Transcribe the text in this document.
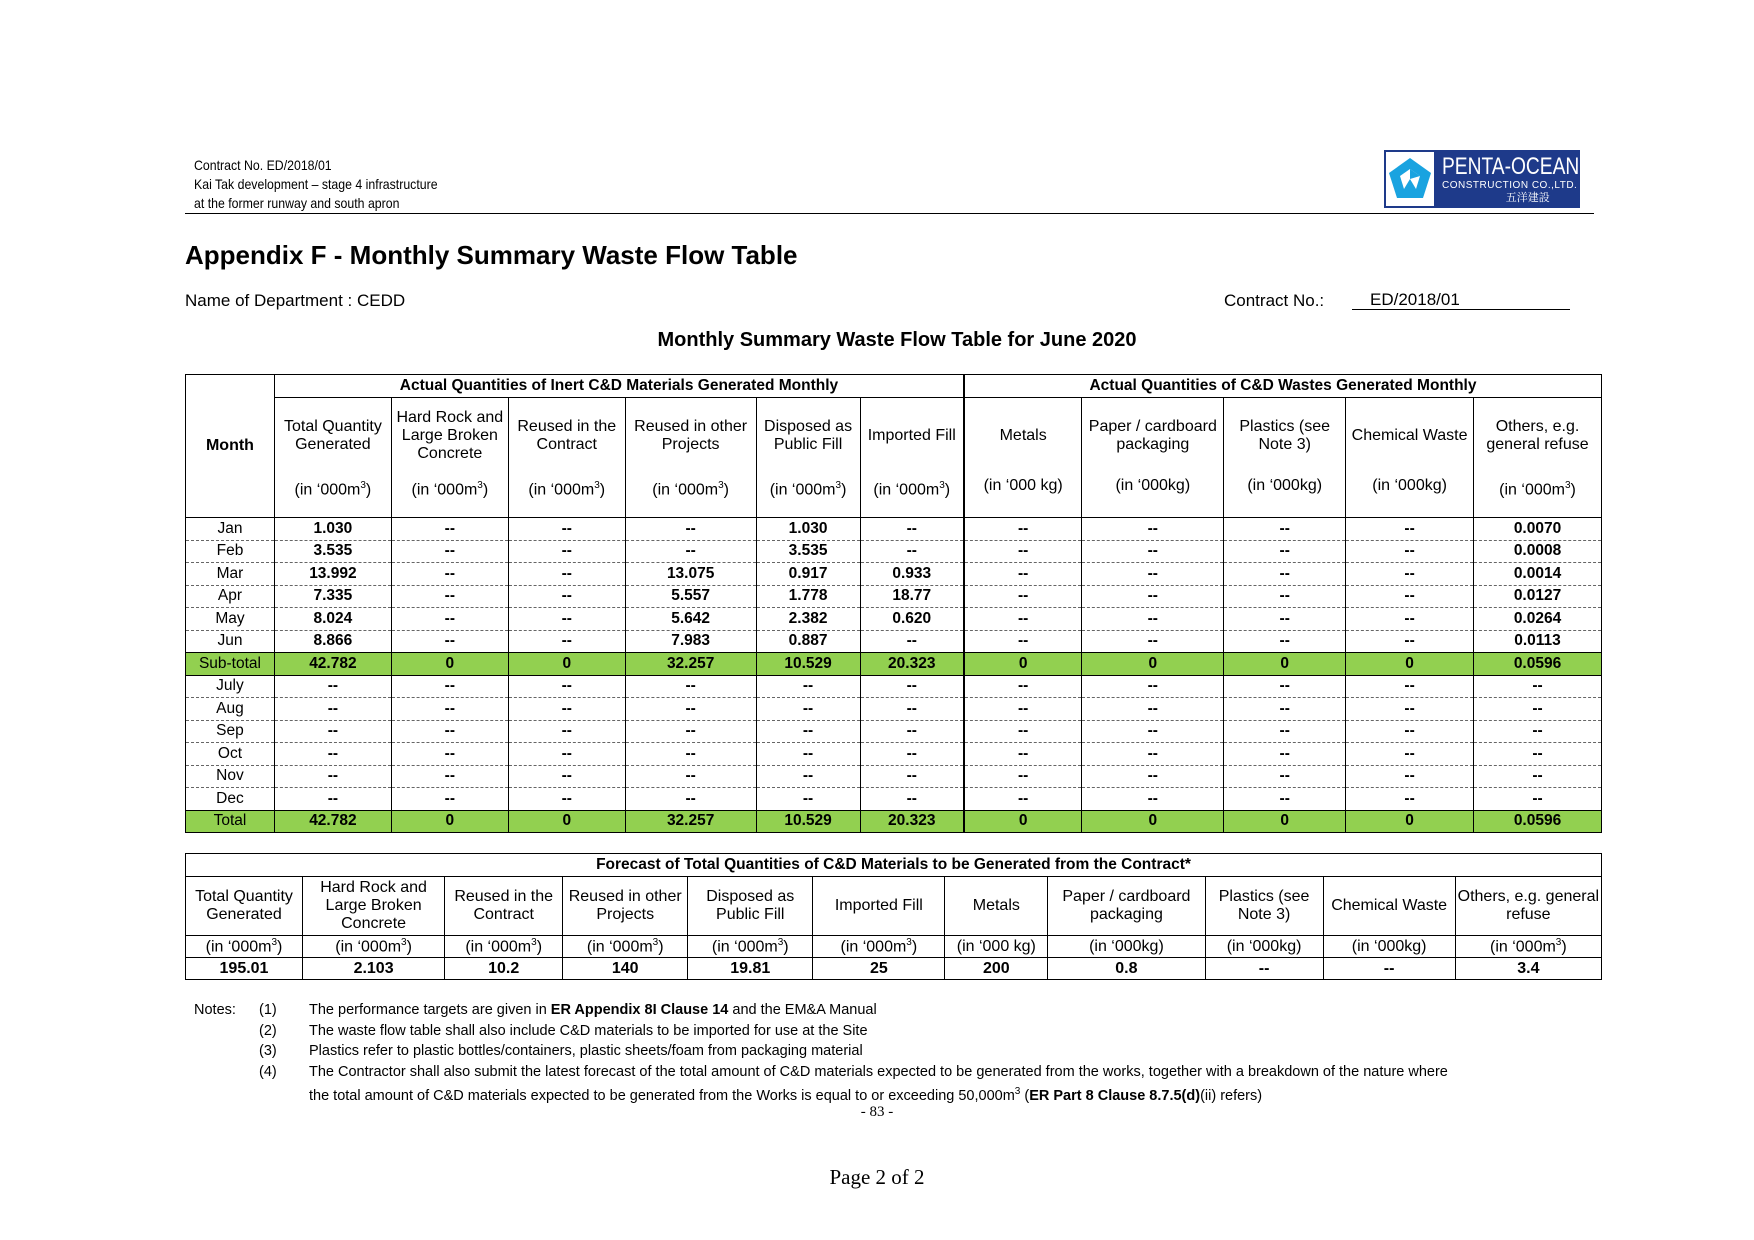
Contract No. ED/2018/01
Kai Tak development – stage 4 infrastructure
at the former runway and south apron
PENTA-OCEAN
CONSTRUCTION CO.,LTD.
五洋建設
Appendix F - Monthly Summary Waste Flow Table
Name of Department : CEDD	Contract No.:	ED/2018/01
Monthly Summary Waste Flow Table for June 2020
Month	Actual Quantities of Inert C&D Materials Generated Monthly						Actual Quantities of C&D Wastes Generated Monthly				
	Total Quantity Generated	Hard Rock and Large Broken Concrete	Reused in the Contract	Reused in other Projects	Disposed as Public Fill	Imported Fill	Metals	Paper / cardboard packaging	Plastics (see Note 3)	Chemical Waste	Others, e.g. general refuse
	(in ‘$000m^3$)	(in ‘$000m^3$)	(in ‘$000m^3$)	(in ‘$000m^3$)	(in ‘$000m^3$)	(in ‘$000m^3$)	(in ‘000 kg)	(in ‘000kg)	(in ‘000kg)	(in ‘000kg)	(in ‘$000m^3$)
Jan	1.030	--	--	--	1.030	--	--	--	--	--	0.0070
Feb	3.535	--	--	--	3.535	--	--	--	--	--	0.0008
Mar	13.992	--	--	13.075	0.917	0.933	--	--	--	--	0.0014
Apr	7.335	--	--	5.557	1.778	18.77	--	--	--	--	0.0127
May	8.024	--	--	5.642	2.382	0.620	--	--	--	--	0.0264
Jun	8.866	--	--	7.983	0.887	--	--	--	--	--	0.0113
Sub-total	42.782	0	0	32.257	10.529	20.323	0	0	0	0	0.0596
July	--	--	--	--	--	--	--	--	--	--	--
Aug	--	--	--	--	--	--	--	--	--	--	--
Sep	--	--	--	--	--	--	--	--	--	--	--
Oct	--	--	--	--	--	--	--	--	--	--	--
Nov	--	--	--	--	--	--	--	--	--	--	--
Dec	--	--	--	--	--	--	--	--	--	--	--
Total	42.782	0	0	32.257	10.529	20.323	0	0	0	0	0.0596
Forecast of Total Quantities of C&D Materials to be Generated from the Contract*										
Total Quantity Generated	Hard Rock and Large Broken Concrete	Reused in the Contract	Reused in other Projects	Disposed as Public Fill	Imported Fill	Metals	Paper / cardboard packaging	Plastics (see Note 3)	Chemical Waste	Others, e.g. general refuse
(in ‘$000m^3$)	(in ‘$000m^3$)	(in ‘$000m^3$)	(in ‘$000m^3$)	(in ‘$000m^3$)	(in ‘$000m^3$)	(in ‘000 kg)	(in ‘000kg)	(in ‘000kg)	(in ‘000kg)	(in ‘$000m^3$)
195.01	2.103	10.2	140	19.81	25	200	0.8	--	--	3.4
Notes: (1) The performance targets are given in ER Appendix 8I Clause 14 and the EM&A Manual
(2) The waste flow table shall also include C&D materials to be imported for use at the Site
(3) Plastics refer to plastic bottles/containers, plastic sheets/foam from packaging material
(4) The Contractor shall also submit the latest forecast of the total amount of C&D materials expected to be generated from the works, together with a breakdown of the nature where
the total amount of C&D materials expected to be generated from the Works is equal to or exceeding $50,000m^3$ (ER Part 8 Clause 8.7.5(d)(ii) refers)
- 83 -
Page 2 of 2
